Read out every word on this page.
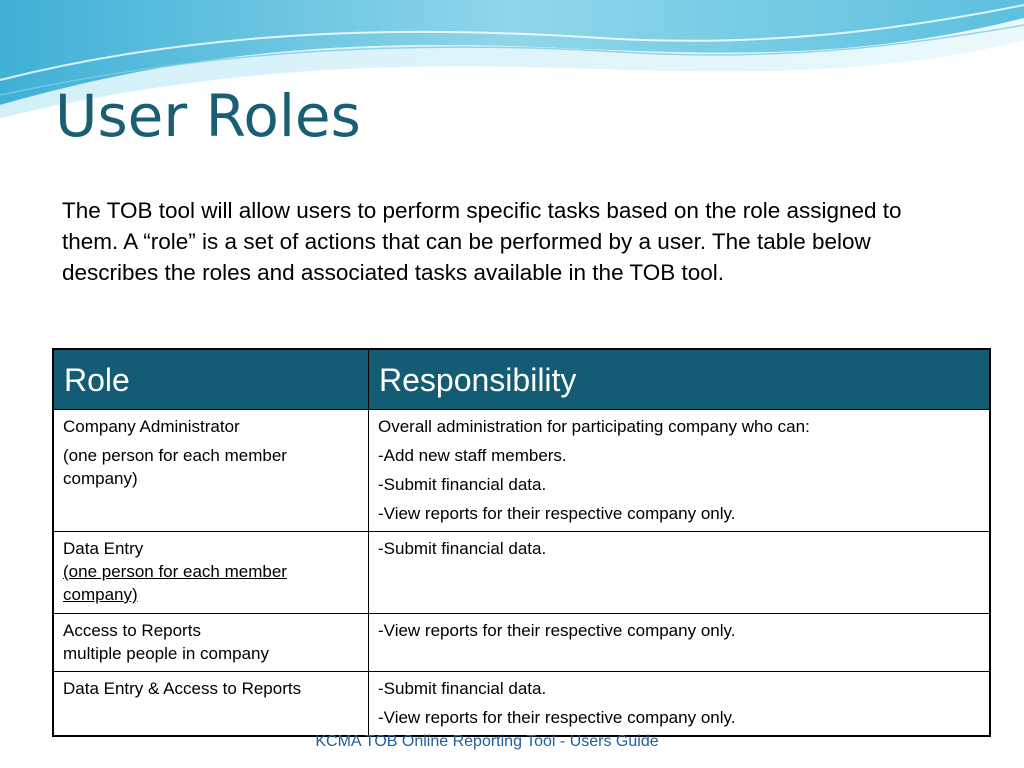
User Roles

The TOB tool will allow users to perform specific tasks based on the role assigned to them. A “role” is a set of actions that can be performed by a user. The table below describes the roles and associated tasks available in the TOB tool.

Role	Responsibility

Company Administrator
(one person for each member company)	Overall administration for participating company who can:
-Add new staff members.
-Submit financial data.
-View reports for their respective company only.

Data Entry
(one person for each member company)	-Submit financial data.

Access to Reports
multiple people in company	-View reports for their respective company only.

Data Entry & Access to Reports	-Submit financial data.
-View reports for their respective company only.
KCMA TOB Online Reporting Tool - Users Guide
